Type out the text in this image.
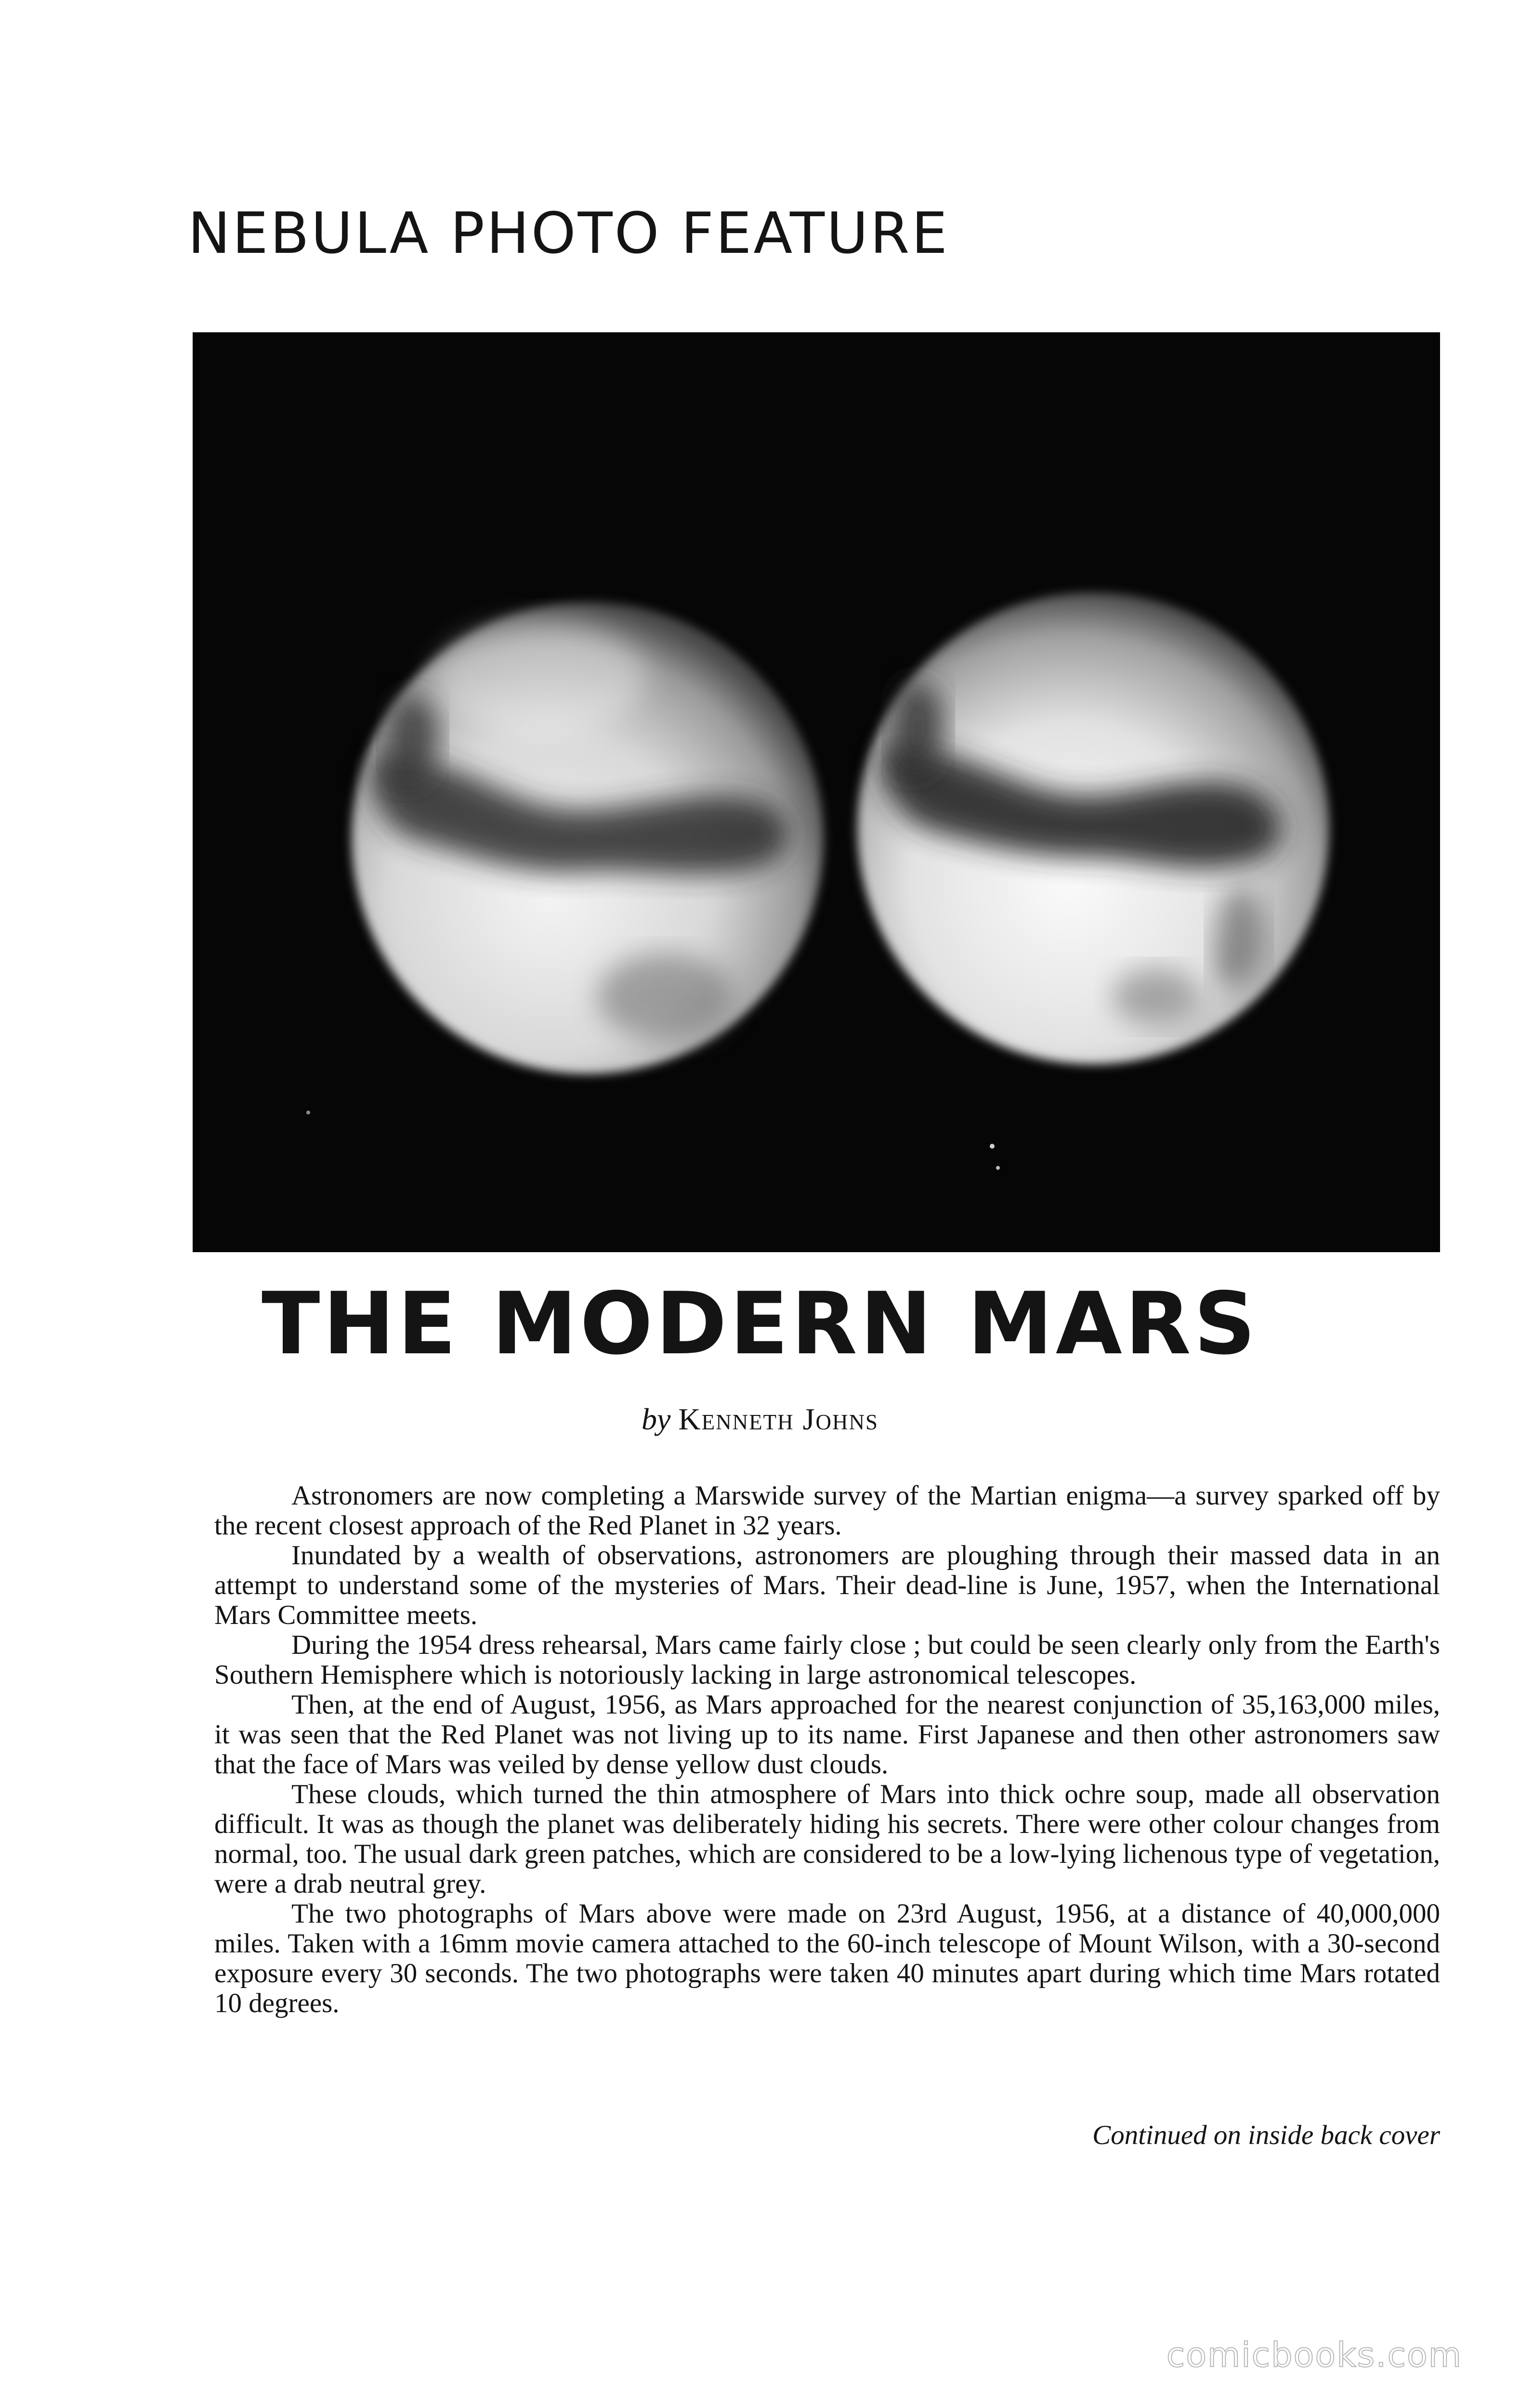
NEBULA PHOTO FEATURE
THE MODERN MARS
by Kenneth Johns

Astronomers are now completing a Marswide survey of the Martian enigma—a survey sparked off by the recent closest approach of the Red Planet in 32 years.

Inundated by a wealth of observations, astronomers are ploughing through their massed data in an attempt to understand some of the mysteries of Mars. Their dead-line is June, 1957, when the International Mars Committee meets.

During the 1954 dress rehearsal, Mars came fairly close ; but could be seen clearly only from the Earth's Southern Hemisphere which is notoriously lacking in large astronomical telescopes.

Then, at the end of August, 1956, as Mars approached for the nearest conjunction of 35,163,000 miles, it was seen that the Red Planet was not living up to its name. First Japanese and then other astronomers saw that the face of Mars was veiled by dense yellow dust clouds.

These clouds, which turned the thin atmosphere of Mars into thick ochre soup, made all observation difficult. It was as though the planet was deliberately hiding his secrets. There were other colour changes from normal, too. The usual dark green patches, which are considered to be a low-lying lichenous type of vegetation, were a drab neutral grey.

The two photographs of Mars above were made on 23rd August, 1956, at a distance of 40,000,000 miles. Taken with a 16mm movie camera attached to the 60-inch telescope of Mount Wilson, with a 30-second exposure every 30 seconds. The two photographs were taken 40 minutes apart during which time Mars rotated 10 degrees.

Continued on inside back cover
comicbooks.com
